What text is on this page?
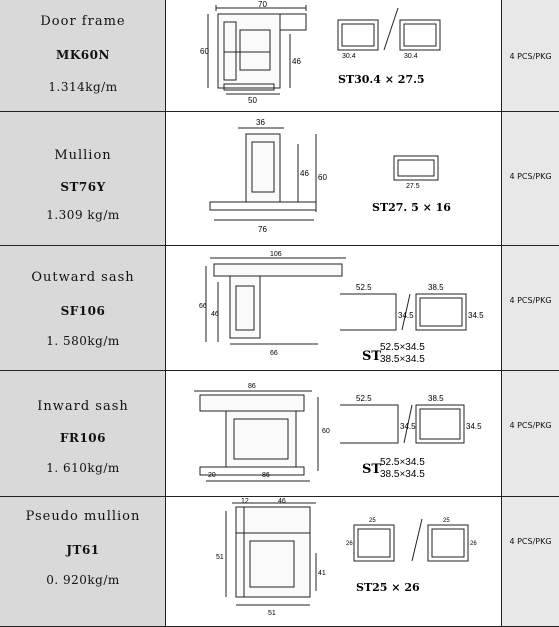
Door frame
MK60N
1.314kg/m
70
60
46
50
30.4	30.4
ST30.4 × 27.5
4 PCS/PKG
Mullion
ST76Y
1.309 kg/m
36
46 60
76
27.5
ST27. 5 × 16
4 PCS/PKG
Outward sash
SF106
1. 580kg/m
106
66
46
66
52.5
34.5
38.5
34.5
ST
52.5×34.5
38.5×34.5
4 PCS/PKG
Inward sash
FR106
1. 610kg/m
86
60
20	86
52.5
34.5
38.5
34.5
ST
52.5×34.5
38.5×34.5
4 PCS/PKG
Pseudo mullion
JT61
0. 920kg/m
12	46
51
41
51
25
26
25
26
ST25 × 26
4 PCS/PKG
